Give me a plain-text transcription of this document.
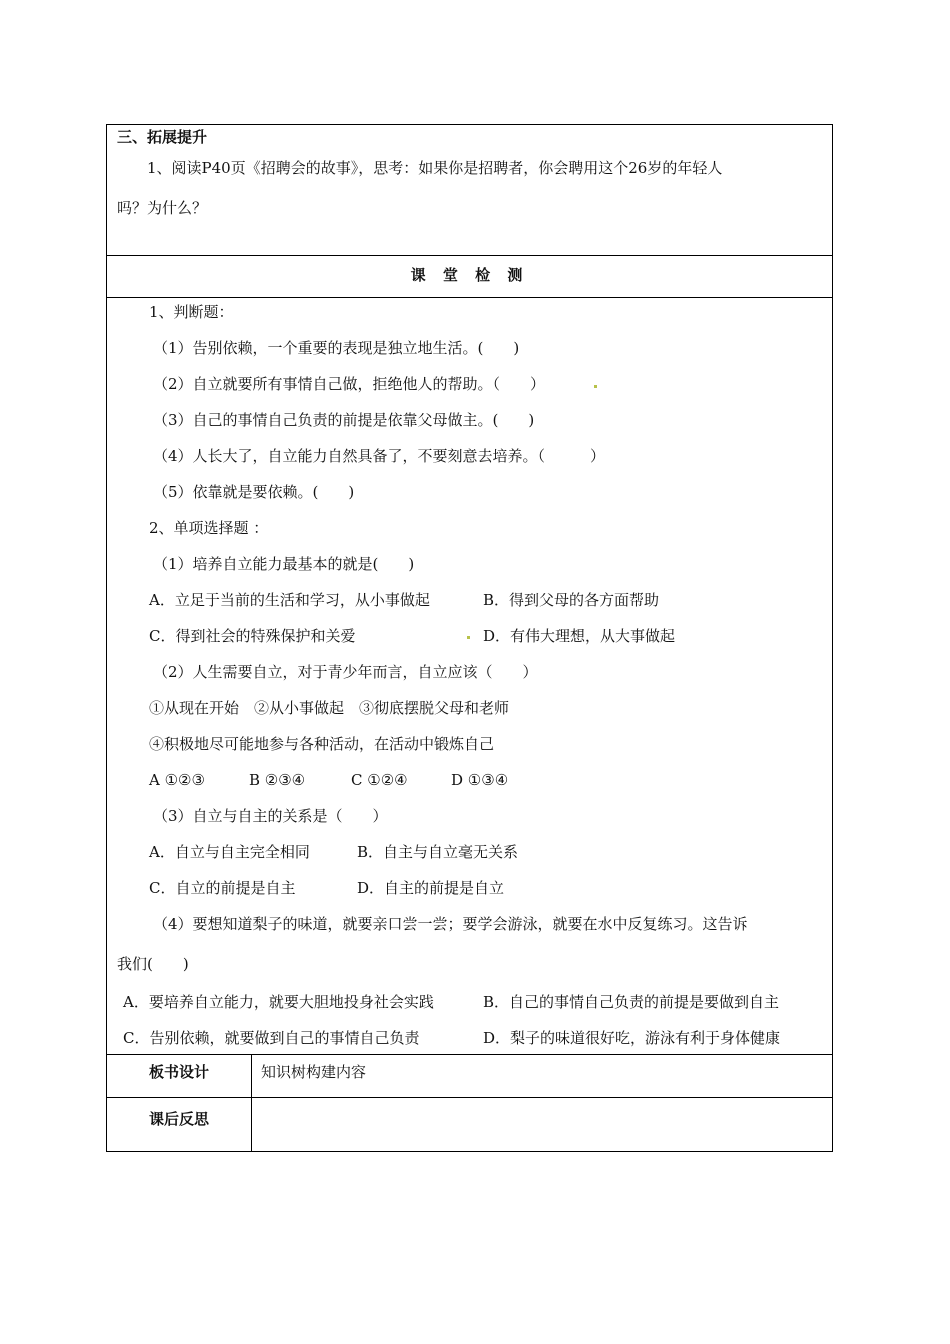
三、拓展提升
1、阅读P40页《招聘会的故事》，思考：如果你是招聘者，你会聘用这个26岁的年轻人
吗？为什么？
课 堂 检 测
1、判断题：
（1）告别依赖，一个重要的表现是独立地生活。(　　)
（2）自立就要所有事情自己做，拒绝他人的帮助。（　　）
（3）自己的事情自己负责的前提是依靠父母做主。(　　)
（4）人长大了，自立能力自然具备了，不要刻意去培养。（　　　）
（5）依靠就是要依赖。(　　)
2、单项选择题 ：
（1）培养自立能力最基本的就是(　　)
A．立足于当前的生活和学习，从小事做起	B．得到父母的各方面帮助
C．得到社会的特殊保护和关爱	D．有伟大理想，从大事做起
（2）人生需要自立，对于青少年而言，自立应该（　　）
①从现在开始　②从小事做起　③彻底摆脱父母和老师
④积极地尽可能地参与各种活动，在活动中锻炼自己
A ①②③	B ②③④	C ①②④	D ①③④
（3）自立与自主的关系是（　　）
A．自立与自主完全相同	B．自主与自立毫无关系
C．自立的前提是自主	D．自主的前提是自立
（4）要想知道梨子的味道，就要亲口尝一尝；要学会游泳，就要在水中反复练习。这告诉
我们(　　)
A．要培养自立能力，就要大胆地投身社会实践	B．自己的事情自己负责的前提是要做到自主
C．告别依赖，就要做到自己的事情自己负责	D．梨子的味道很好吃，游泳有利于身体健康
板书设计	知识树构建内容
课后反思
